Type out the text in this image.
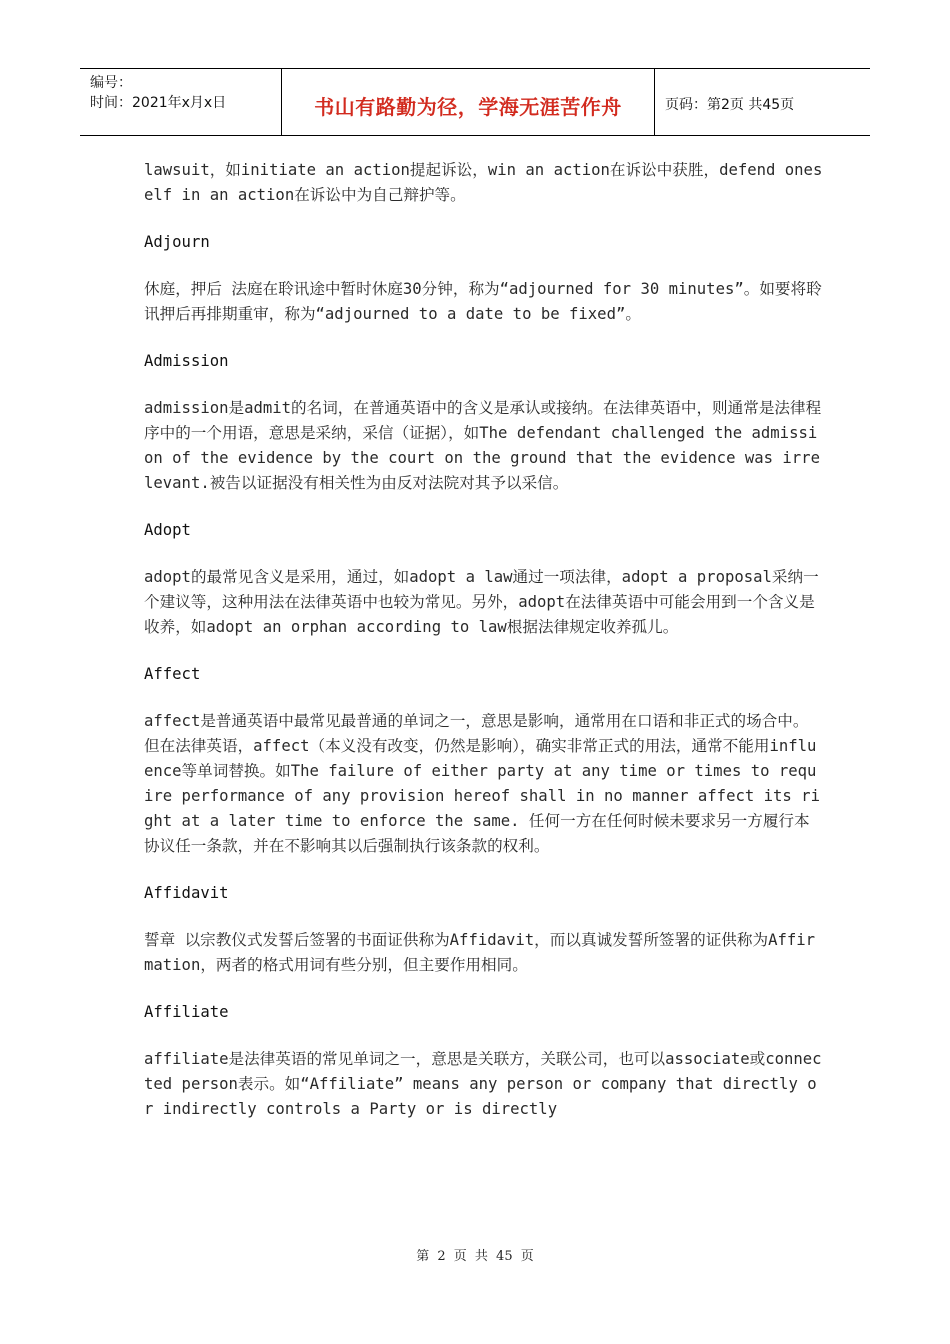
编号：
时间：2021年x月x日	书山有路勤为径，学海无涯苦作舟	页码：第2页 共45页

lawsuit，如initiate an action提起诉讼，win an action在诉讼中获胜，defend oneself in an action在诉讼中为自己辩护等。

Adjourn

休庭，押后 法庭在聆讯途中暂时休庭30分钟，称为“adjourned for 30 minutes”。如要将聆讯押后再排期重审，称为“adjourned to a date to be fixed”。

Admission

admission是admit的名词，在普通英语中的含义是承认或接纳。在法律英语中，则通常是法律程序中的一个用语，意思是采纳，采信（证据），如The defendant challenged the admission of the evidence by the court on the ground that the evidence was irrelevant.被告以证据没有相关性为由反对法院对其予以采信。

Adopt

adopt的最常见含义是采用，通过，如adopt a law通过一项法律，adopt a proposal采纳一个建议等，这种用法在法律英语中也较为常见。另外，adopt在法律英语中可能会用到一个含义是收养，如adopt an orphan according to law根据法律规定收养孤儿。

Affect

affect是普通英语中最常见最普通的单词之一，意思是影响，通常用在口语和非正式的场合中。但在法律英语，affect（本义没有改变，仍然是影响），确实非常正式的用法，通常不能用influence等单词替换。如The failure of either party at any time or times to require performance of any provision hereof shall in no manner affect its right at a later time to enforce the same. 任何一方在任何时候未要求另一方履行本协议任一条款，并在不影响其以后强制执行该条款的权利。

Affidavit

誓章 以宗教仪式发誓后签署的书面证供称为Affidavit，而以真诚发誓所签署的证供称为Affirmation，两者的格式用词有些分别，但主要作用相同。

Affiliate

affiliate是法律英语的常见单词之一，意思是关联方，关联公司，也可以associate或connected person表示。如“Affiliate” means any person or company that directly or indirectly controls a Party or is directly

第 2 页 共 45 页
